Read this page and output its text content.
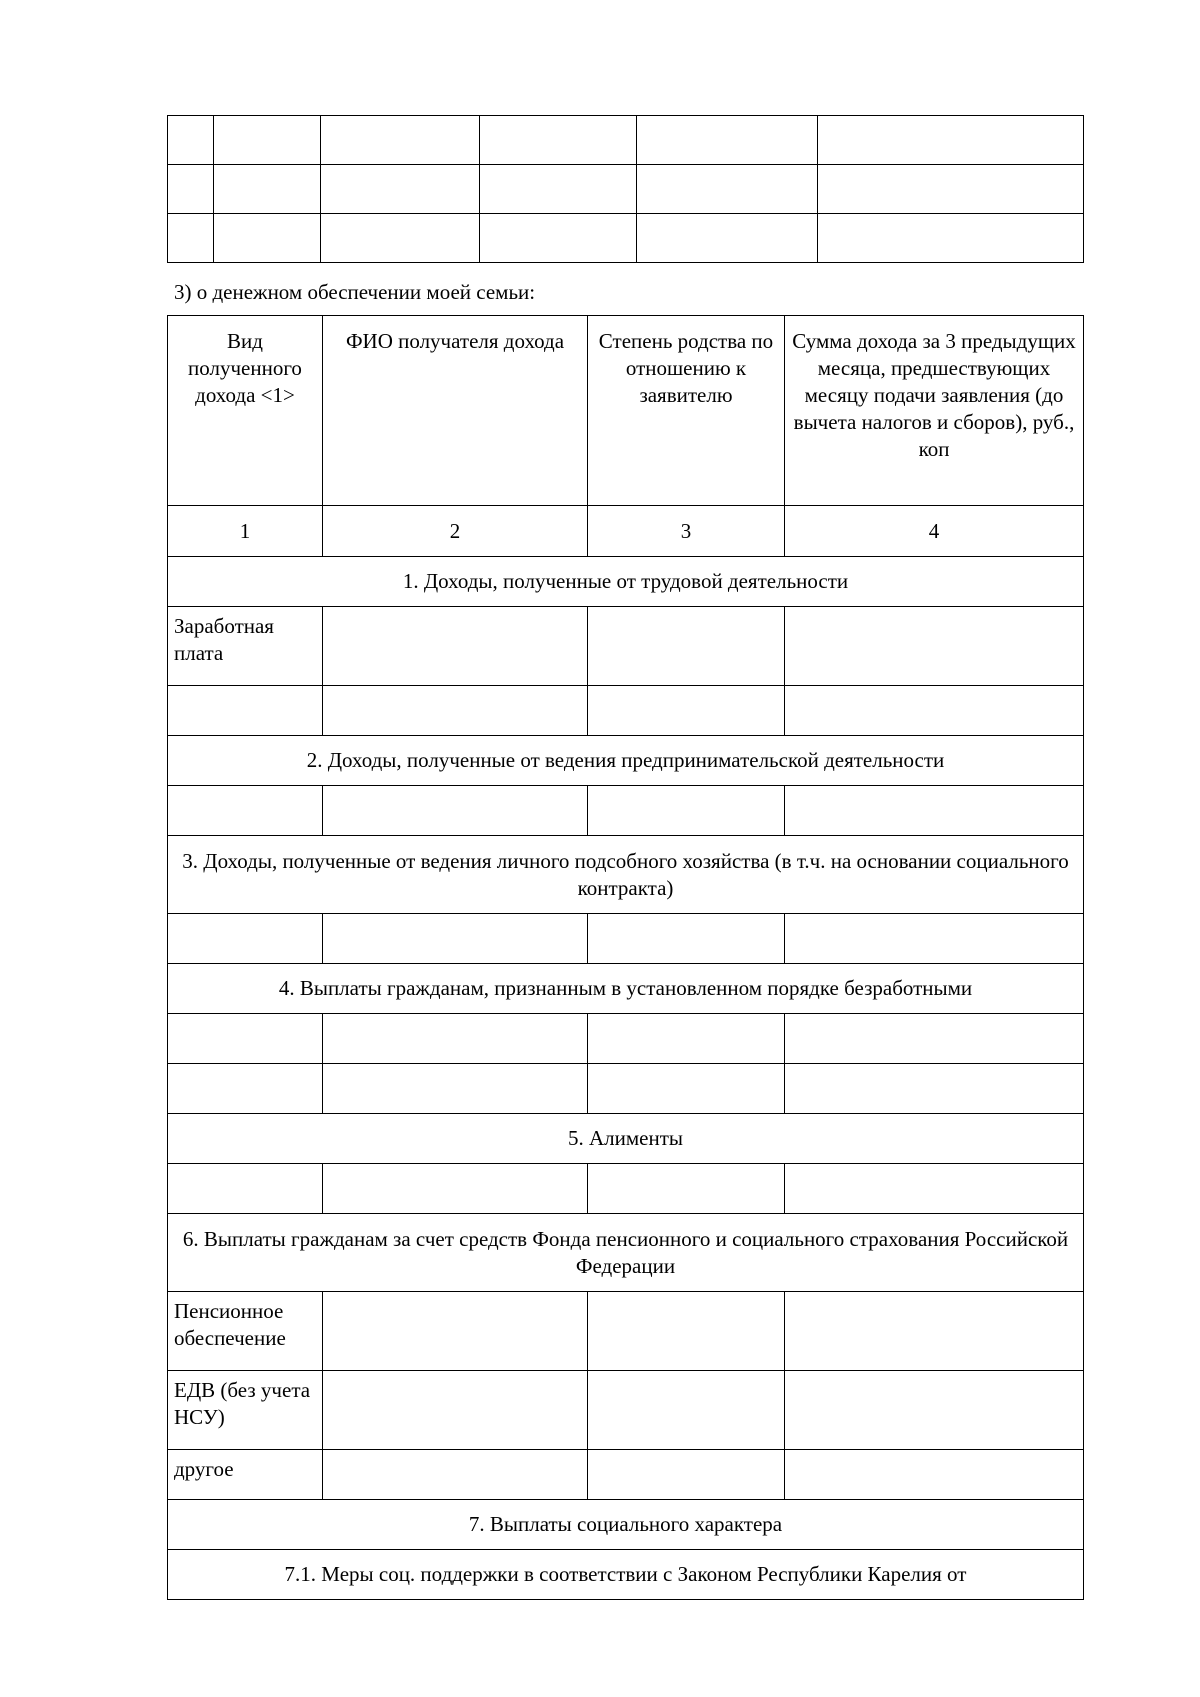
3) о денежном обеспечении моей семьи:
Вид полученного дохода <1>	ФИО получателя дохода	Степень родства по отношению к заявителю	Сумма дохода за 3 предыдущих месяца, предшествующих месяцу подачи заявления (до вычета налогов и сборов), руб., коп
1	2	3	4
1. Доходы, полученные от трудовой деятельности			
Заработная плата			

2. Доходы, полученные от ведения предпринимательской деятельности			

3. Доходы, полученные от ведения личного подсобного хозяйства (в т.ч. на основании социального контракта)			

4. Выплаты гражданам, признанным в установленном порядке безработными			

5. Алименты			

6. Выплаты гражданам за счет средств Фонда пенсионного и социального страхования Российской Федерации			
Пенсионное обеспечение			
ЕДВ (без учета НСУ)			
другое			
7. Выплаты социального характера			
7.1. Меры соц. поддержки в соответствии с Законом Республики Карелия от			
